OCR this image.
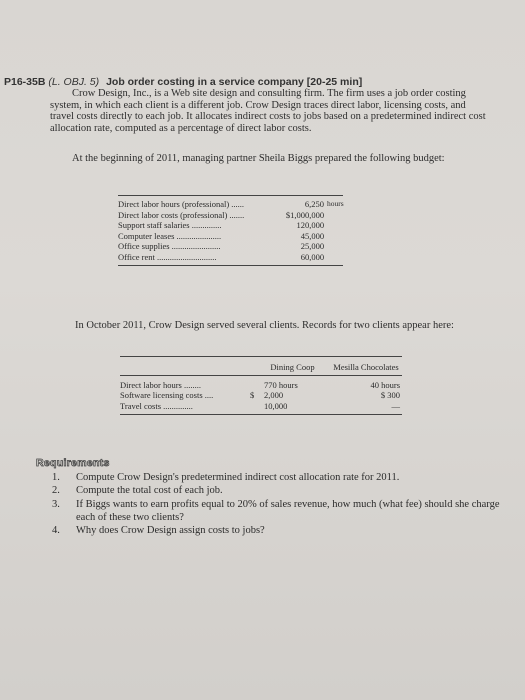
P16-35B (L. OBJ. 5) Job order costing in a service company [20-25 min]
Crow Design, Inc., is a Web site design and consulting firm. The firm uses a job order costing system, in which each client is a different job. Crow Design traces direct labor, licensing costs, and travel costs directly to each job. It allocates indirect costs to jobs based on a predetermined indirect cost allocation rate, computed as a percentage of direct labor costs.
At the beginning of 2011, managing partner Sheila Biggs prepared the following budget:
Direct labor hours (professional) ......	6,250 hours
Direct labor costs (professional) .......	$1,000,000
Support staff salaries ..............	120,000
Computer leases .....................	45,000
Office supplies .......................	25,000
Office rent ............................	60,000
In October 2011, Crow Design served several clients. Records for two clients appear here:
Dining Coop	Mesilla Chocolates
Direct labor hours ........	770 hours	40 hours
Software licensing costs ....	$	2,000	$ 300
Travel costs ..............	10,000	—
Requirements
1.	Compute Crow Design's predetermined indirect cost allocation rate for 2011.
2.	Compute the total cost of each job.
3.	If Biggs wants to earn profits equal to 20% of sales revenue, how much (what fee) should she charge each of these two clients?
4.	Why does Crow Design assign costs to jobs?
